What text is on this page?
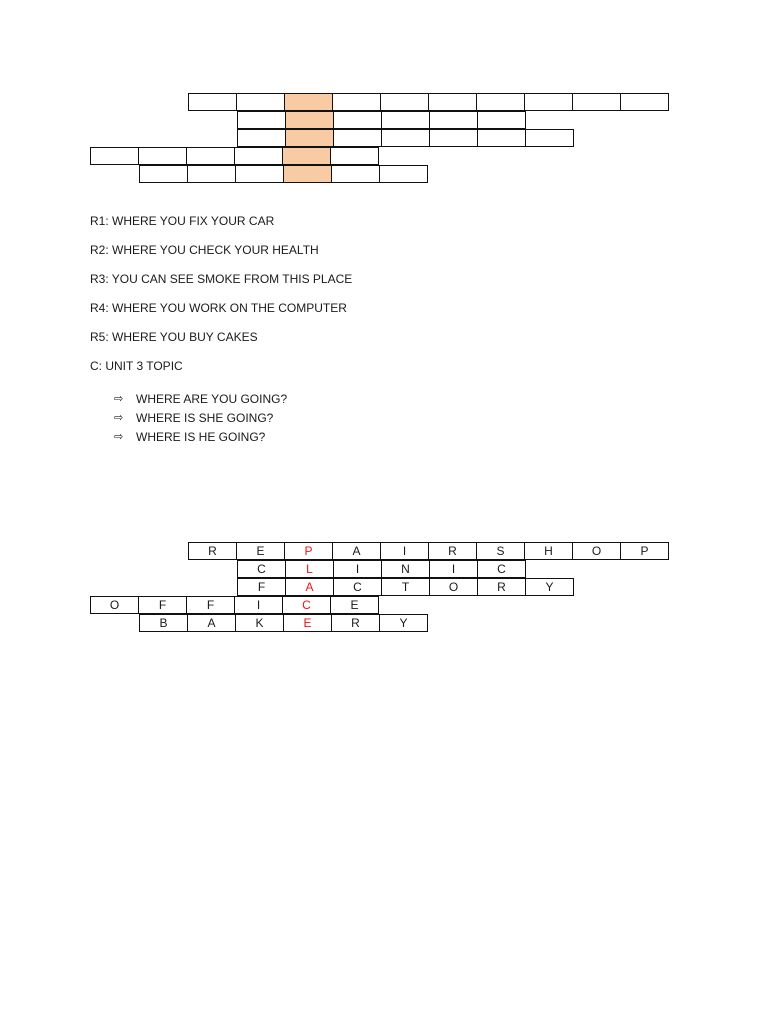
R1: WHERE YOU FIX YOUR CAR
R2: WHERE YOU CHECK YOUR HEALTH
R3: YOU CAN SEE SMOKE FROM THIS PLACE
R4: WHERE YOU WORK ON THE COMPUTER
R5: WHERE YOU BUY CAKES
C: UNIT 3 TOPIC
⇨	WHERE ARE YOU GOING?
⇨	WHERE IS SHE GOING?
⇨	WHERE IS HE GOING?
R	E	P	A	I	R	S	H	O	P
C	L	I	N	I	C
F	A	C	T	O	R	Y
O	F	F	I	C	E
B	A	K	E	R	Y
